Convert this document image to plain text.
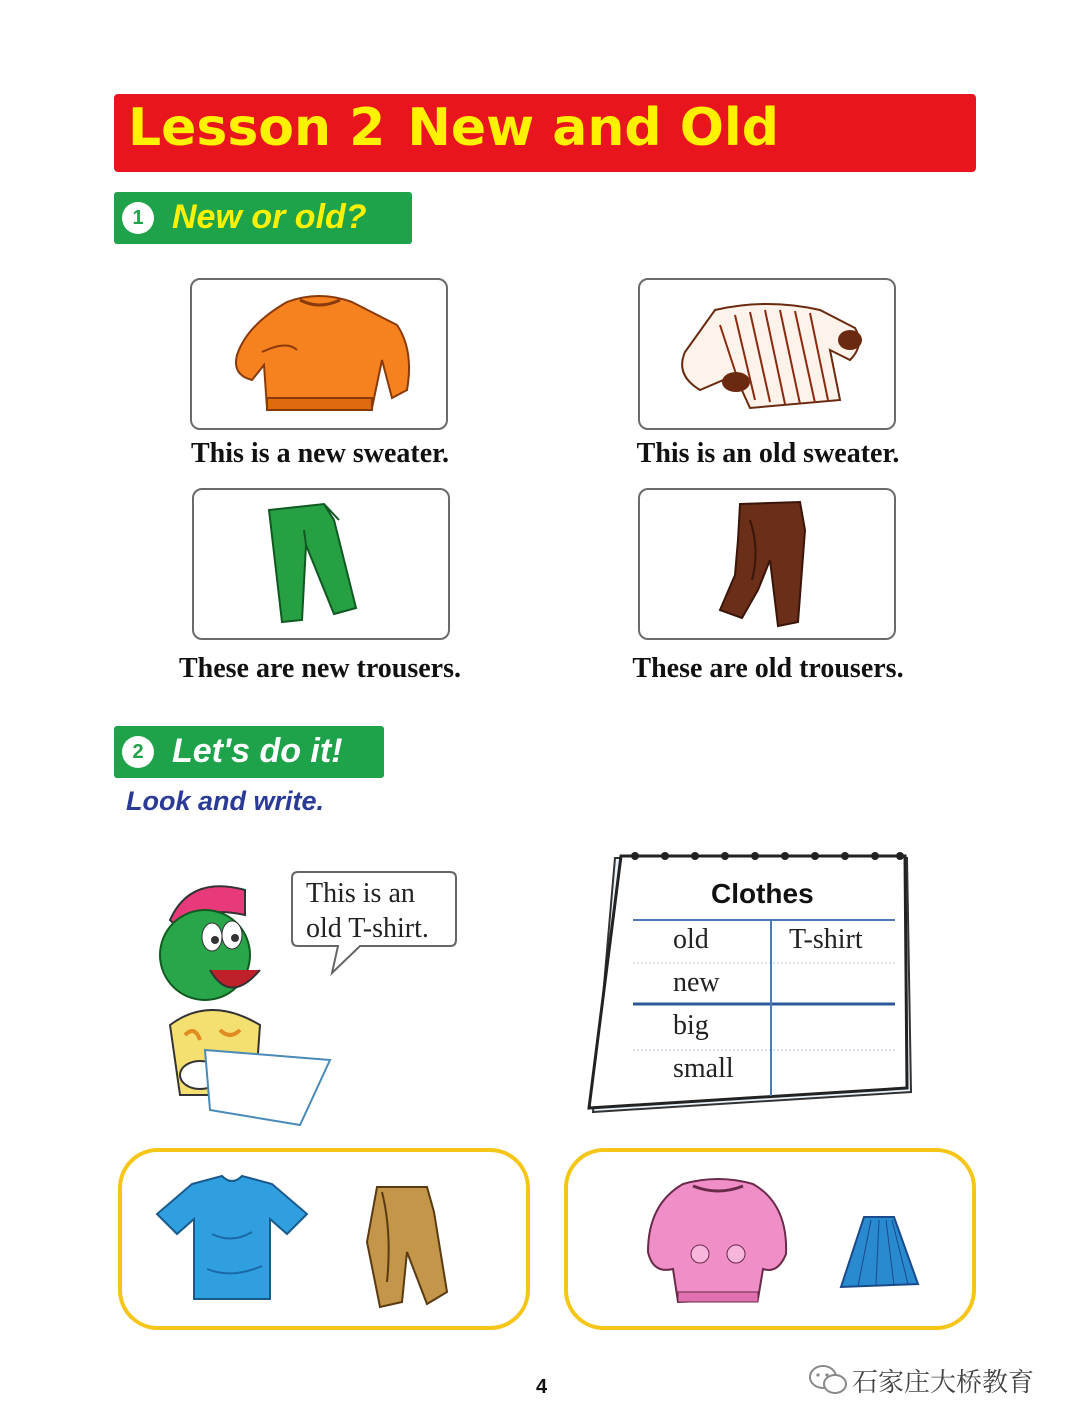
Lesson 2 New and Old
1 New or old?
This is a new sweater.	This is an old sweater.
These are new trousers.	These are old trousers.
2 Let's do it!
Look and write.
This is an
old T-shirt.
Clothes
old	T-shirt
new
big
small
4	石家庄大桥教育
